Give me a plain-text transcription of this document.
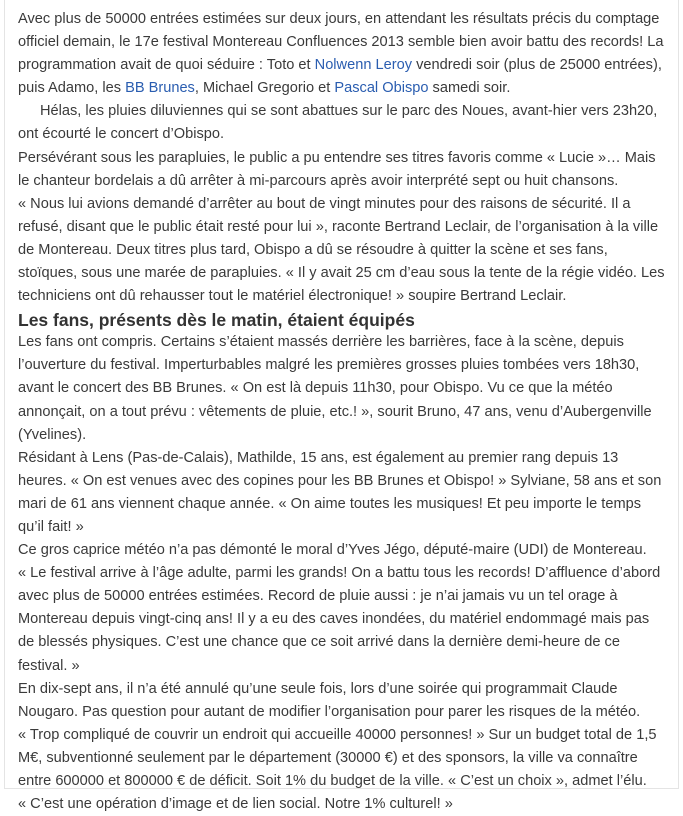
Avec plus de 50000 entrées estimées sur deux jours, en attendant les résultats précis du comptage officiel demain, le 17e festival Montereau Confluences 2013 semble bien avoir battu des records! La programmation avait de quoi séduire : Toto et Nolwenn Leroy vendredi soir (plus de 25000 entrées), puis Adamo, les BB Brunes, Michael Gregorio et Pascal Obispo samedi soir.

Hélas, les pluies diluviennes qui se sont abattues sur le parc des Noues, avant-hier vers 23h20, ont écourté le concert d’Obispo.

Persévérant sous les parapluies, le public a pu entendre ses titres favoris comme « Lucie »… Mais le chanteur bordelais a dû arrêter à mi-parcours après avoir interprété sept ou huit chansons.

« Nous lui avions demandé d’arrêter au bout de vingt minutes pour des raisons de sécurité. Il a refusé, disant que le public était resté pour lui », raconte Bertrand Leclair, de l’organisation à la ville de Montereau. Deux titres plus tard, Obispo a dû se résoudre à quitter la scène et ses fans, stoïques, sous une marée de parapluies. « Il y avait 25 cm d’eau sous la tente de la régie vidéo. Les techniciens ont dû rehausser tout le matériel électronique! » soupire Bertrand Leclair.

Les fans, présents dès le matin, étaient équipés

Les fans ont compris. Certains s’étaient massés derrière les barrières, face à la scène, depuis l’ouverture du festival. Imperturbables malgré les premières grosses pluies tombées vers 18h30, avant le concert des BB Brunes. « On est là depuis 11h30, pour Obispo. Vu ce que la météo annonçait, on a tout prévu : vêtements de pluie, etc.! », sourit Bruno, 47 ans, venu d’Aubergenville (Yvelines).

Résidant à Lens (Pas-de-Calais), Mathilde, 15 ans, est également au premier rang depuis 13 heures. « On est venues avec des copines pour les BB Brunes et Obispo! » Sylviane, 58 ans et son mari de 61 ans viennent chaque année. « On aime toutes les musiques! Et peu importe le temps qu’il fait! »

Ce gros caprice météo n’a pas démonté le moral d’Yves Jégo, député-maire (UDI) de Montereau.

« Le festival arrive à l’âge adulte, parmi les grands! On a battu tous les records! D’affluence d’abord avec plus de 50000 entrées estimées. Record de pluie aussi : je n’ai jamais vu un tel orage à Montereau depuis vingt-cinq ans! Il y a eu des caves inondées, du matériel endommagé mais pas de blessés physiques. C’est une chance que ce soit arrivé dans la dernière demi-heure de ce festival. »

En dix-sept ans, il n’a été annulé qu’une seule fois, lors d’une soirée qui programmait Claude Nougaro. Pas question pour autant de modifier l’organisation pour parer les risques de la météo.

« Trop compliqué de couvrir un endroit qui accueille 40000 personnes! » Sur un budget total de 1,5 M€, subventionné seulement par le département (30000 €) et des sponsors, la ville va connaître entre 600000 et 800000 € de déficit. Soit 1% du budget de la ville. « C’est un choix », admet l’élu.

« C’est une opération d’image et de lien social. Notre 1% culturel! »
